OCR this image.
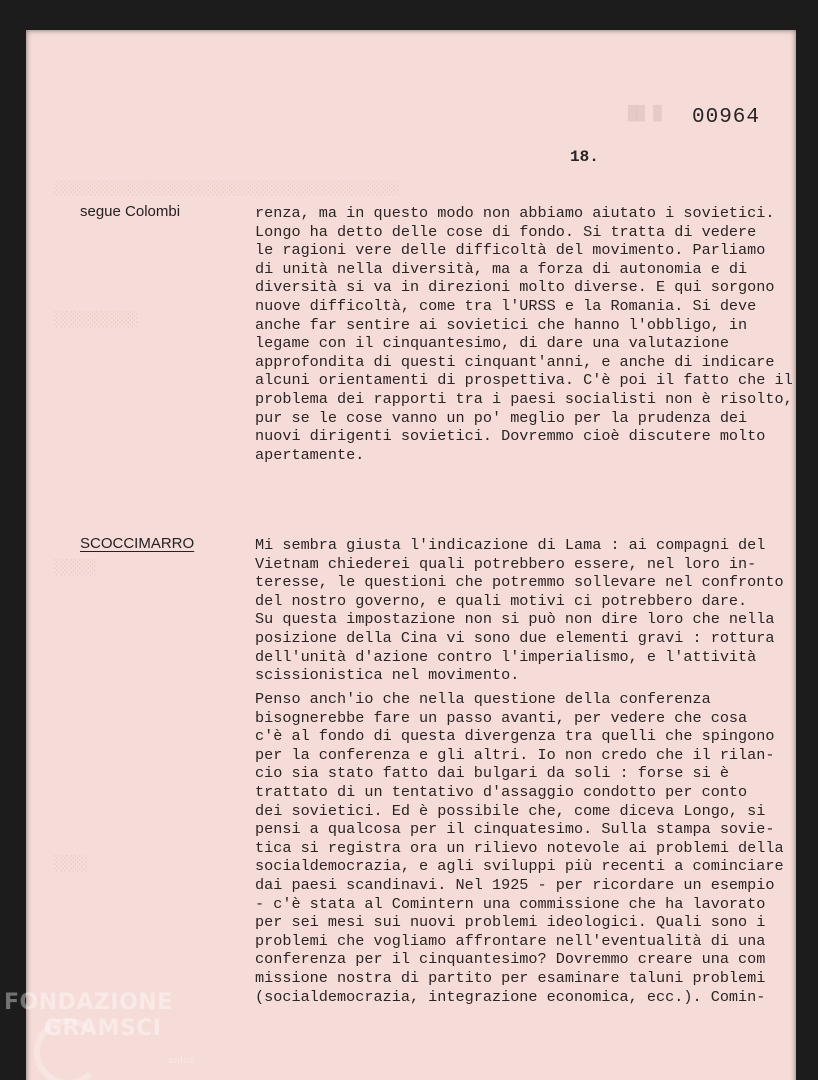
██ █
░░░░░░░░░░░░░░░░░░░░░░░░░░░░░░░░░░░░░░░░░
░░░░░░░░░░
░░░░░
░░░░
00964
18.
segue Colombi	renza, ma in questo modo non abbiamo aiutato i sovietici.
Longo ha detto delle cose di fondo. Si tratta di vedere
le ragioni vere delle difficoltà del movimento. Parliamo
di unità nella diversità, ma a forza di autonomia e di
diversità si va in direzioni molto diverse. E qui sorgono
nuove difficoltà, come tra l'URSS e la Romania. Si deve
anche far sentire ai sovietici che hanno l'obbligo, in
legame con il cinquantesimo, di dare una valutazione
approfondita di questi cinquant'anni, e anche di indicare
alcuni orientamenti di prospettiva. C'è poi il fatto che il
problema dei rapporti tra i paesi socialisti non è risolto,
pur se le cose vanno un po' meglio per la prudenza dei
nuovi dirigenti sovietici. Dovremmo cioè discutere molto
apertamente.
SCOCCIMARRO	Mi sembra giusta l'indicazione di Lama : ai compagni del
Vietnam chiederei quali potrebbero essere, nel loro in-
teresse, le questioni che potremmo sollevare nel confronto
del nostro governo, e quali motivi ci potrebbero dare.
Su questa impostazione non si può non dire loro che nella
posizione della Cina vi sono due elementi gravi : rottura
dell'unità d'azione contro l'imperialismo, e l'attività
scissionistica nel movimento.
Penso anch'io che nella questione della conferenza
bisognerebbe fare un passo avanti, per vedere che cosa
c'è al fondo di questa divergenza tra quelli che spingono
per la conferenza e gli altri. Io non credo che il rilan-
cio sia stato fatto dai bulgari da soli : forse si è
trattato di un tentativo d'assaggio condotto per conto
dei sovietici. Ed è possibile che, come diceva Longo, si
pensi a qualcosa per il cinquatesimo. Sulla stampa sovie-
tica si registra ora un rilievo notevole ai problemi della
socialdemocrazia, e agli sviluppi più recenti a cominciare
dai paesi scandinavi. Nel 1925 - per ricordare un esempio
- c'è stata al Comintern una commissione che ha lavorato
per sei mesi sui nuovi problemi ideologici. Quali sono i
problemi che vogliamo affrontare nell'eventualità di una
conferenza per il cinquantesimo? Dovremmo creare una com
missione nostra di partito per esaminare taluni problemi
(socialdemocrazia, integrazione economica, ecc.). Comin-
FONDAZIONE
GRAMSCI
onlus
